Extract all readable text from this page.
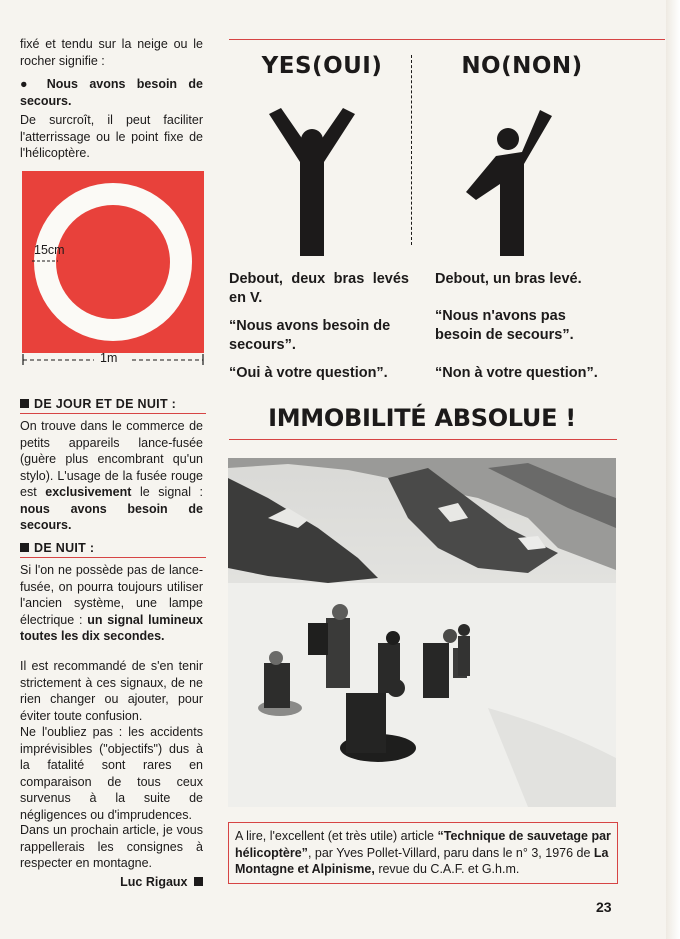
fixé et tendu sur la neige ou le rocher signifie :
● Nous avons besoin de secours.
De surcroît, il peut faciliter l'atterrissage ou le point fixe de l'hélicoptère.
15cm
1m
DE JOUR ET DE NUIT :
On trouve dans le commerce de petits appareils lance-fusée (guère plus encombrant qu'un stylo). L'usage de la fusée rouge est exclusivement le signal : nous avons besoin de secours.
DE NUIT :
Si l'on ne possède pas de lance-fusée, on pourra toujours utiliser l'ancien système, une lampe électrique : un signal lumineux toutes les dix secondes.
Il est recommandé de s'en tenir strictement à ces signaux, de ne rien changer ou ajouter, pour éviter toute confusion.
Ne l'oubliez pas : les accidents imprévisibles ("objectifs") dus à la fatalité sont rares en comparaison de tous ceux survenus à la suite de négligences ou d'imprudences.
Dans un prochain article, je vous rappellerais les consignes à respecter en montagne.
Luc Rigaux
YES(OUI)	NO(NON)
Debout, deux bras levés en V.
“Nous avons besoin de secours”.
“Oui à votre question”.
Debout, un bras levé.
“Nous n'avons pas besoin de secours”.
“Non à votre question”.
IMMOBILITÉ ABSOLUE !
A lire, l'excellent (et très utile) article “Technique de sauvetage par hélicoptère”, par Yves Pollet-Villard, paru dans le n° 3, 1976 de La Montagne et Alpinisme, revue du C.A.F. et G.h.m.
23
